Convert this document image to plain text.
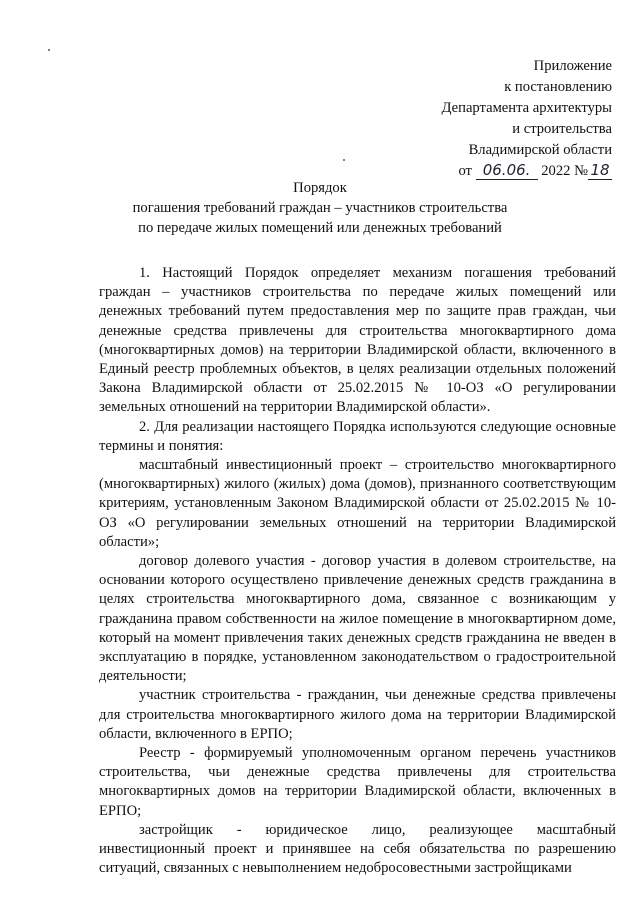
Приложение
к постановлению
Департамента архитектуры
и строительства
Владимирской области
от 06.06. 2022 № 18
Порядок
погашения требований граждан – участников строительства
по передаче жилых помещений или денежных требований

1. Настоящий Порядок определяет механизм погашения требований граждан – участников строительства по передаче жилых помещений или денежных требований путем предоставления мер по защите прав граждан, чьи денежные средства привлечены для строительства многоквартирного дома (многоквартирных домов) на территории Владимирской области, включенного в Единый реестр проблемных объектов, в целях реализации отдельных положений Закона Владимирской области от 25.02.2015 № 10-ОЗ «О регулировании земельных отношений на территории Владимирской области».

2. Для реализации настоящего Порядка используются следующие основные термины и понятия:

масштабный инвестиционный проект – строительство многоквартирного (многоквартирных) жилого (жилых) дома (домов), признанного соответствующим критериям, установленным Законом Владимирской области от 25.02.2015 № 10-ОЗ «О регулировании земельных отношений на территории Владимирской области»;

договор долевого участия - договор участия в долевом строительстве, на основании которого осуществлено привлечение денежных средств гражданина в целях строительства многоквартирного дома, связанное с возникающим у гражданина правом собственности на жилое помещение в многоквартирном доме, который на момент привлечения таких денежных средств гражданина не введен в эксплуатацию в порядке, установленном законодательством о градостроительной деятельности;

участник строительства - гражданин, чьи денежные средства привлечены для строительства многоквартирного жилого дома на территории Владимирской области, включенного в ЕРПО;

Реестр - формируемый уполномоченным органом перечень участников строительства, чьи денежные средства привлечены для строительства многоквартирных домов на территории Владимирской области, включенных в ЕРПО;

застройщик - юридическое лицо, реализующее масштабный инвестиционный проект и принявшее на себя обязательства по разрешению ситуаций, связанных с невыполнением недобросовестными застройщиками
